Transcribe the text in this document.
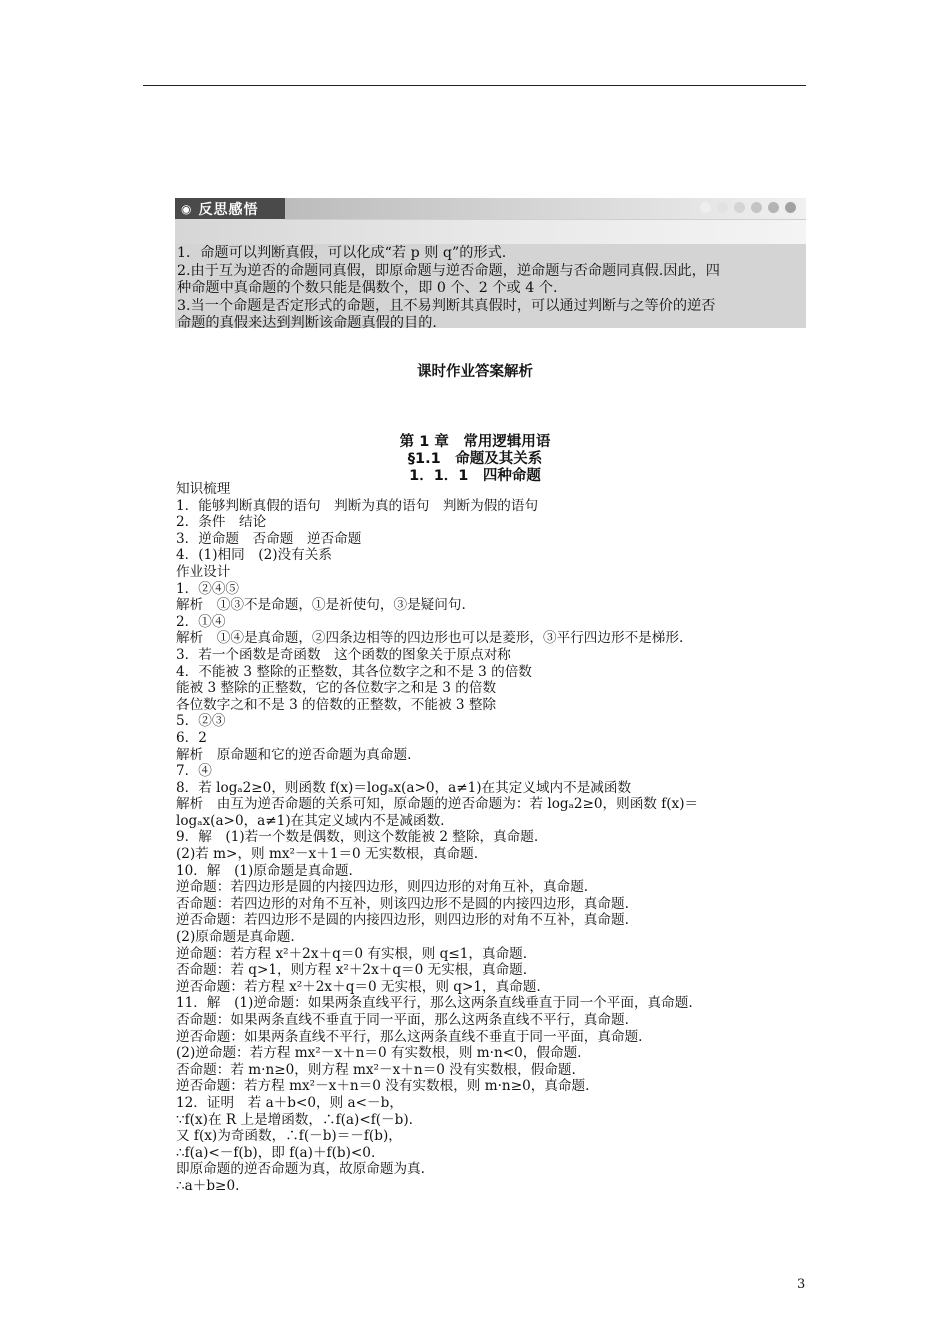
◉ 反思感悟

1．命题可以判断真假，可以化成“若 p 则 q”的形式.

2.由于互为逆否的命题同真假，即原命题与逆否命题，逆命题与否命题同真假.因此，四

种命题中真命题的个数只能是偶数个，即 0 个、2 个或 4 个.

3.当一个命题是否定形式的命题，且不易判断其真假时，可以通过判断与之等价的逆否

命题的真假来达到判断该命题真假的目的.

课时作业答案解析
第 1 章　常用逻辑用语
§1.1　命题及其关系
1．1．1　四种命题
知识梳理
1．能够判断真假的语句　判断为真的语句　判断为假的语句
2．条件　结论
3．逆命题　否命题　逆否命题
4．(1)相同　(2)没有关系
作业设计
1．②④⑤
解析　①③不是命题，①是祈使句，③是疑问句.
2．①④
解析　①④是真命题，②四条边相等的四边形也可以是菱形，③平行四边形不是梯形.
3．若一个函数是奇函数　这个函数的图象关于原点对称
4．不能被 3 整除的正整数，其各位数字之和不是 3 的倍数
能被 3 整除的正整数，它的各位数字之和是 3 的倍数
各位数字之和不是 3 的倍数的正整数，不能被 3 整除
5．②③
6．2
解析　原命题和它的逆否命题为真命题.
7．④
8．若 logₐ2≥0，则函数 f(x)＝logₐx(a>0，a≠1)在其定义域内不是减函数
解析　由互为逆否命题的关系可知，原命题的逆否命题为：若 logₐ2≥0，则函数 f(x)＝
logₐx(a>0，a≠1)在其定义域内不是减函数.
9．解　(1)若一个数是偶数，则这个数能被 2 整除，真命题.
(2)若 m>，则 mx²－x＋1＝0 无实数根，真命题.
10．解　(1)原命题是真命题.
逆命题：若四边形是圆的内接四边形，则四边形的对角互补，真命题.
否命题：若四边形的对角不互补，则该四边形不是圆的内接四边形，真命题.
逆否命题：若四边形不是圆的内接四边形，则四边形的对角不互补，真命题.
(2)原命题是真命题.
逆命题：若方程 x²＋2x＋q＝0 有实根，则 q≤1，真命题.
否命题：若 q>1，则方程 x²＋2x＋q＝0 无实根，真命题.
逆否命题：若方程 x²＋2x＋q＝0 无实根，则 q>1，真命题.
11．解　(1)逆命题：如果两条直线平行，那么这两条直线垂直于同一个平面，真命题.
否命题：如果两条直线不垂直于同一平面，那么这两条直线不平行，真命题.
逆否命题：如果两条直线不平行，那么这两条直线不垂直于同一平面，真命题.
(2)逆命题：若方程 mx²－x＋n＝0 有实数根，则 m·n<0，假命题.
否命题：若 m·n≥0，则方程 mx²－x＋n＝0 没有实数根，假命题.
逆否命题：若方程 mx²－x＋n＝0 没有实数根，则 m·n≥0，真命题.
12．证明　若 a＋b<0，则 a<－b，
∵f(x)在 R 上是增函数，∴f(a)<f(－b).
又 f(x)为奇函数，∴f(－b)＝－f(b)，
∴f(a)<－f(b)，即 f(a)＋f(b)<0.
即原命题的逆否命题为真，故原命题为真.
∴a＋b≥0.
3
